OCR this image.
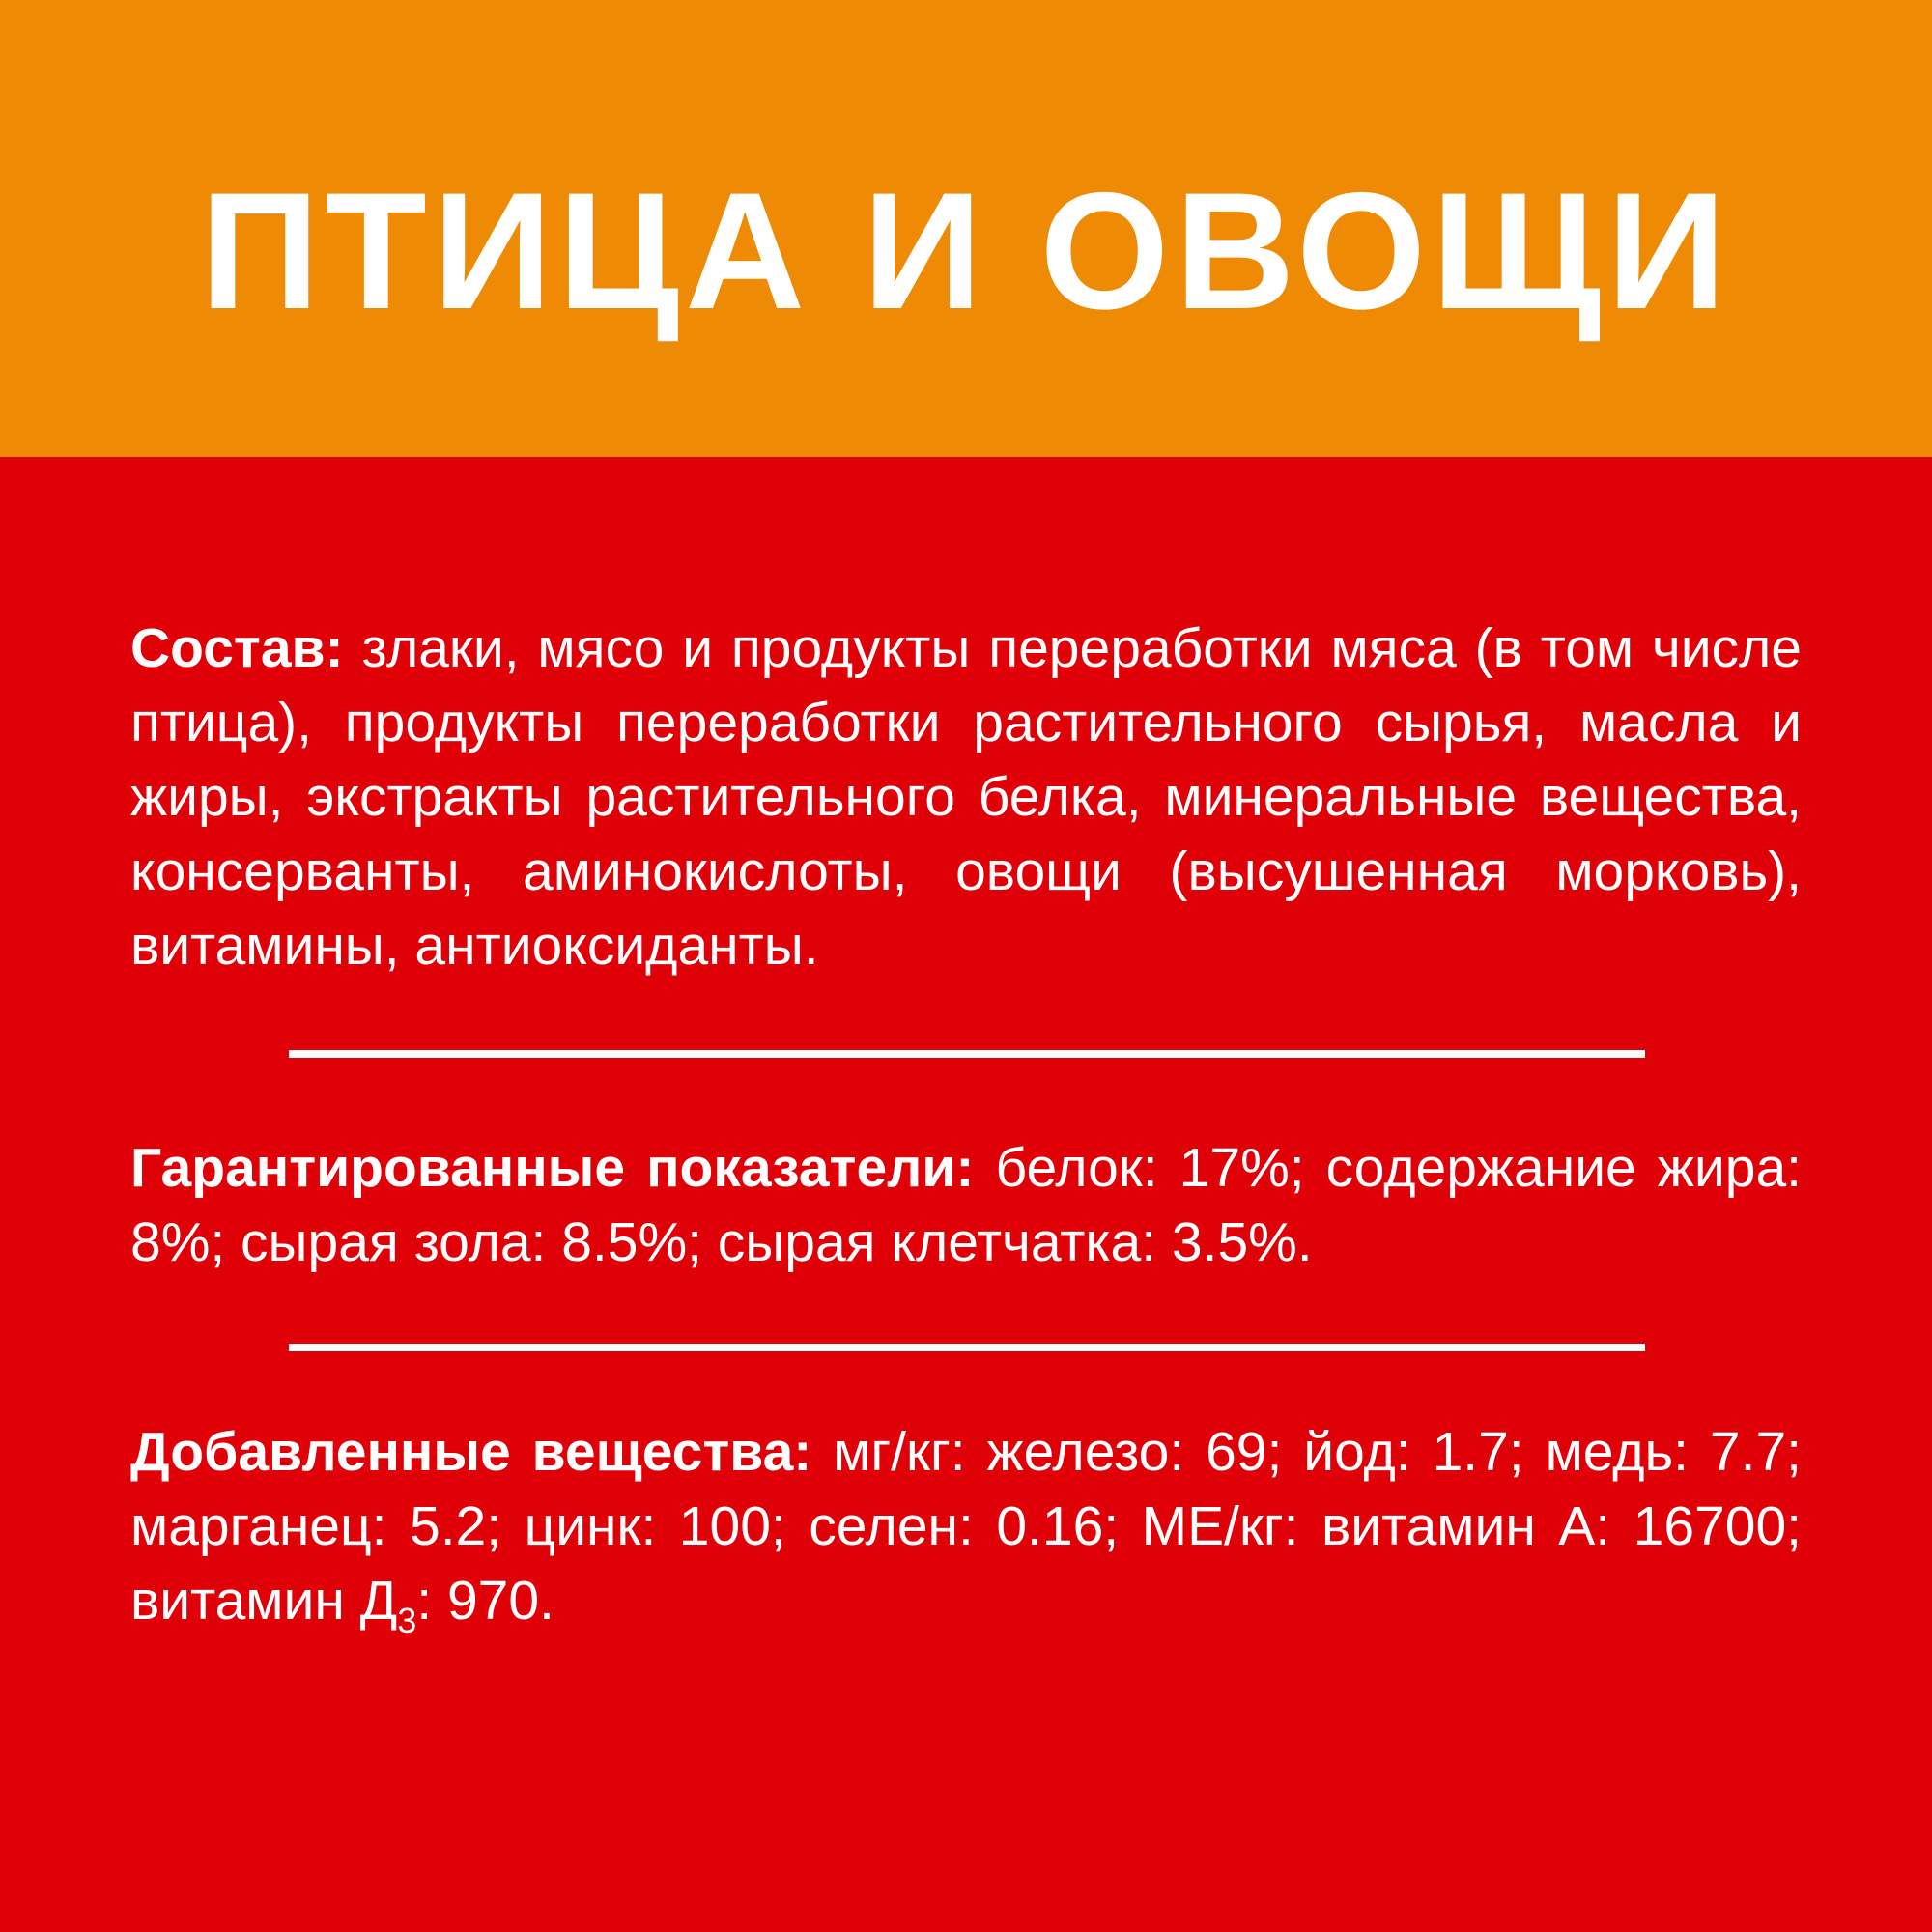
ПТИЦА И ОВОЩИ

Состав: злаки, мясо и продукты переработки мяса (в том числе птица), продукты переработки растительного сырья, масла и жиры, экстракты растительного белка, минеральные вещества, консерванты, аминокислоты, овощи (высушенная морковь), витамины, антиоксиданты.

Гарантированные показатели: белок: 17%; содержание жира: 8%; сырая зола: 8.5%; сырая клетчатка: 3.5%.

Добавленные вещества: мг/кг: железо: 69; йод: 1.7; медь: 7.7; марганец: 5.2; цинк: 100; селен: 0.16; МЕ/кг: витамин А: 16700; витамин $Д_3$: 970.
